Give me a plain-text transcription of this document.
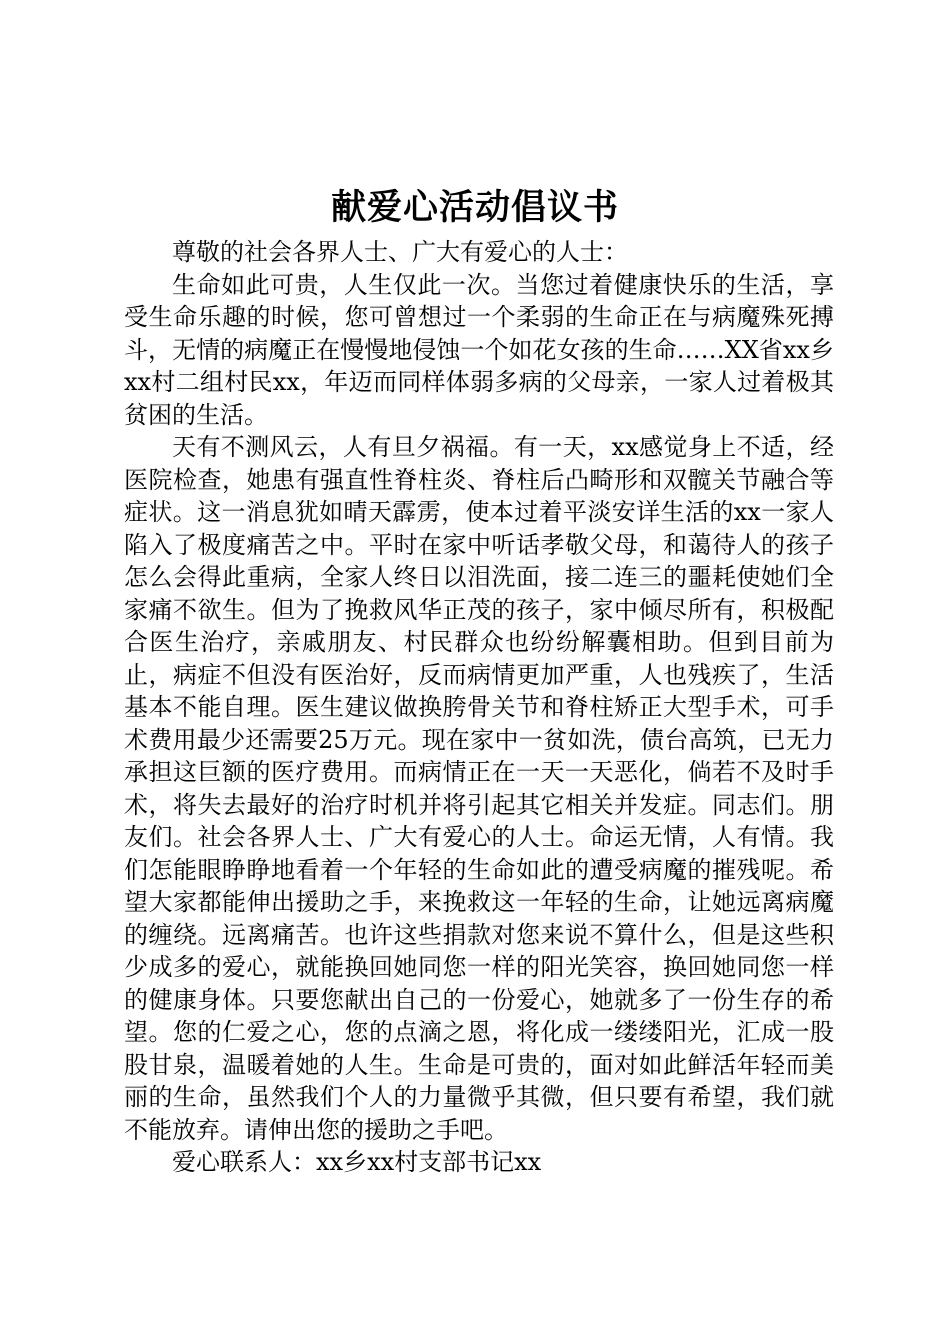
献爱心活动倡议书

尊敬的社会各界人士、广大有爱心的人士：

生命如此可贵，人生仅此一次。当您过着健康快乐的生活，享受生命乐趣的时候，您可曾想过一个柔弱的生命正在与病魔殊死搏斗，无情的病魔正在慢慢地侵蚀一个如花女孩的生命……XX省xx乡xx村二组村民xx，年迈而同样体弱多病的父母亲，一家人过着极其贫困的生活。

天有不测风云，人有旦夕祸福。有一天，xx感觉身上不适，经医院检查，她患有强直性脊柱炎、脊柱后凸畸形和双髋关节融合等症状。这一消息犹如晴天霹雳，使本过着平淡安详生活的xx一家人陷入了极度痛苦之中。平时在家中听话孝敬父母，和蔼待人的孩子怎么会得此重病，全家人终日以泪洗面，接二连三的噩耗使她们全家痛不欲生。但为了挽救风华正茂的孩子，家中倾尽所有，积极配合医生治疗，亲戚朋友、村民群众也纷纷解囊相助。但到目前为止，病症不但没有医治好，反而病情更加严重，人也残疾了，生活基本不能自理。医生建议做换胯骨关节和脊柱矫正大型手术，可手术费用最少还需要25万元。现在家中一贫如洗，债台高筑，已无力承担这巨额的医疗费用。而病情正在一天一天恶化，倘若不及时手术，将失去最好的治疗时机并将引起其它相关并发症。同志们。朋友们。社会各界人士、广大有爱心的人士。命运无情，人有情。我们怎能眼睁睁地看着一个年轻的生命如此的遭受病魔的摧残呢。希望大家都能伸出援助之手，来挽救这一年轻的生命，让她远离病魔的缠绕。远离痛苦。也许这些捐款对您来说不算什么，但是这些积少成多的爱心，就能换回她同您一样的阳光笑容，换回她同您一样的健康身体。只要您献出自己的一份爱心，她就多了一份生存的希望。您的仁爱之心，您的点滴之恩，将化成一缕缕阳光，汇成一股股甘泉，温暖着她的人生。生命是可贵的，面对如此鲜活年轻而美丽的生命，虽然我们个人的力量微乎其微，但只要有希望，我们就不能放弃。请伸出您的援助之手吧。

爱心联系人：xx乡xx村支部书记xx
